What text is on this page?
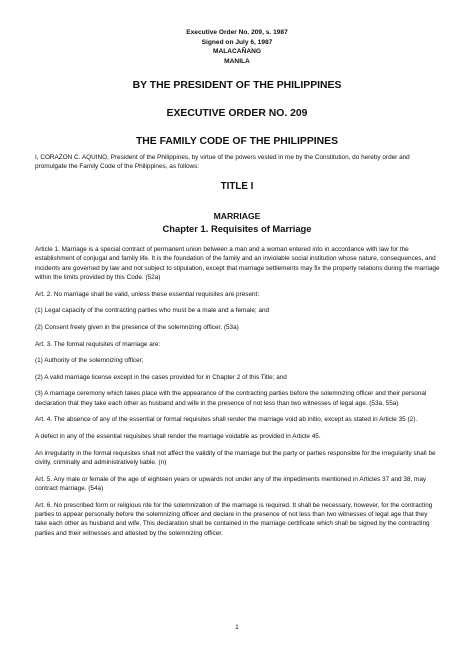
Executive Order No. 209, s. 1987
Signed on July 6, 1987
MALACAÑANG
MANILA
BY THE PRESIDENT OF THE PHILIPPINES
EXECUTIVE ORDER NO. 209
THE FAMILY CODE OF THE PHILIPPINES
I, CORAZON C. AQUINO, President of the Philippines, by virtue of the powers vested in me by the Constitution, do hereby order and promulgate the Family Code of the Philippines, as follows:
TITLE I
MARRIAGE
Chapter 1. Requisites of Marriage

Article 1. Marriage is a special contract of permanent union between a man and a woman entered into in accordance with law for the establishment of conjugal and family life. It is the foundation of the family and an inviolable social institution whose nature, consequences, and incidents are governed by law and not subject to stipulation, except that marriage settlements may fix the property relations during the marriage within the limits provided by this Code. (52a)

Art. 2. No marriage shall be valid, unless these essential requisites are present:

(1) Legal capacity of the contracting parties who must be a male and a female; and

(2) Consent freely given in the presence of the solemnizing officer. (53a)

Art. 3. The formal requisites of marriage are:

(1) Authority of the solemnizing officer;

(2) A valid marriage license except in the cases provided for in Chapter 2 of this Title; and

(3) A marriage ceremony which takes place with the appearance of the contracting parties before the solemnizing officer and their personal declaration that they take each other as husband and wife in the presence of not less than two witnesses of legal age. (53a, 55a)

Art. 4. The absence of any of the essential or formal requisites shall render the marriage void ab initio, except as stated in Article 35 (2).

A defect in any of the essential requisites shall render the marriage voidable as provided in Article 45.

An irregularity in the formal requisites shall not affect the validity of the marriage but the party or parties responsible for the irregularity shall be civilly, criminally and administratively liable. (n)

Art. 5. Any male or female of the age of eighteen years or upwards not under any of the impediments mentioned in Articles 37 and 38, may contract marriage. (54a)

Art. 6. No prescribed form or religious rite for the solemnization of the marriage is required. It shall be necessary, however, for the contracting parties to appear personally before the solemnizing officer and declare in the presence of not less than two witnesses of legal age that they take each other as husband and wife. This declaration shall be contained in the marriage certificate which shall be signed by the contracting parties and their witnesses and attested by the solemnizing officer.

1
